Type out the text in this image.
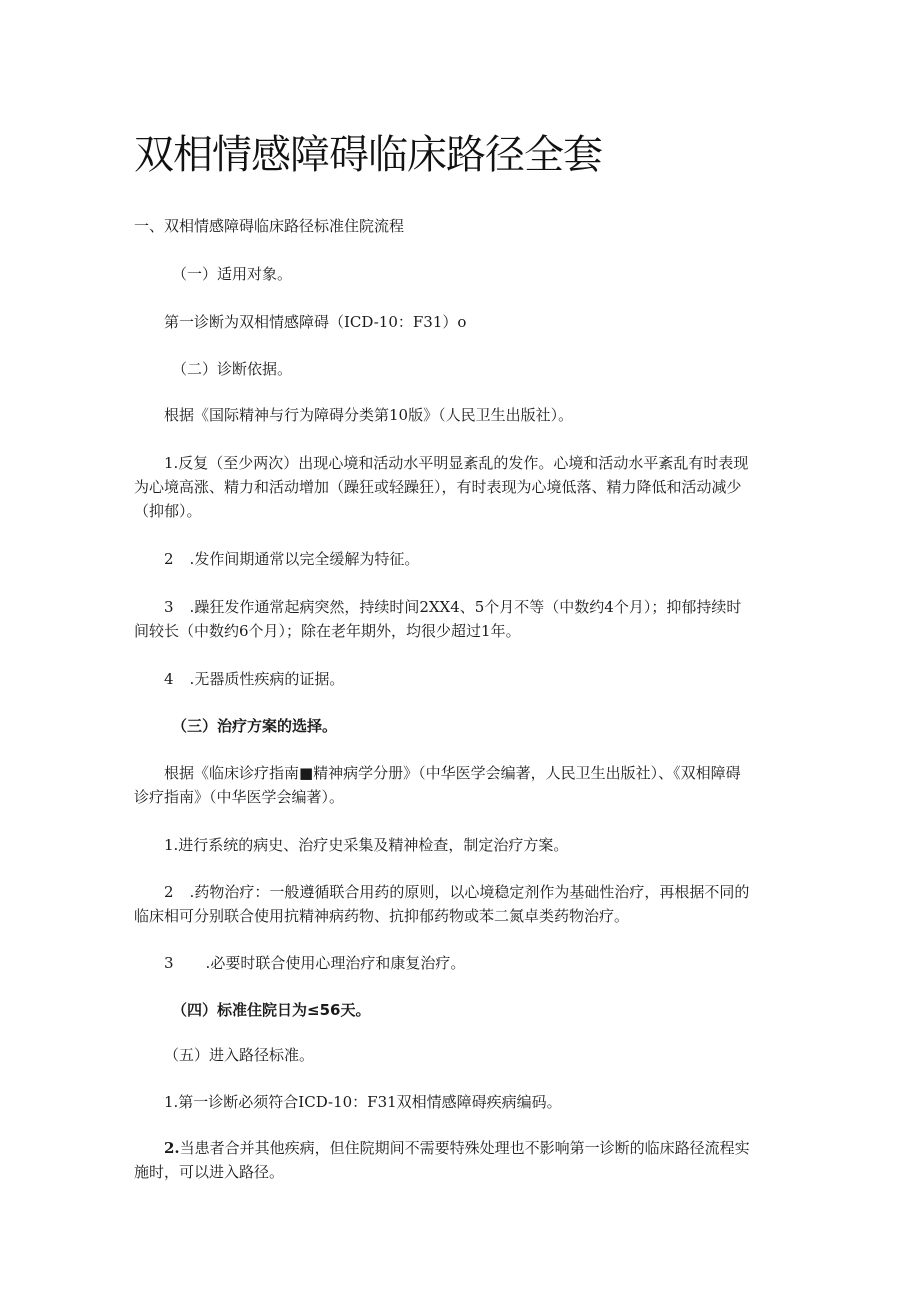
双相情感障碍临床路径全套
一、双相情感障碍临床路径标准住院流程
（一）适用对象。
第一诊断为双相情感障碍（ICD-10：F31）o
（二）诊断依据。
根据《国际精神与行为障碍分类第10版》（人民卫生出版社）。
1.反复（至少两次）出现心境和活动水平明显紊乱的发作。心境和活动水平紊乱有时表现为心境高涨、精力和活动增加（躁狂或轻躁狂），有时表现为心境低落、精力降低和活动减少（抑郁）。
2 .发作间期通常以完全缓解为特征。
3 .躁狂发作通常起病突然，持续时间2XX4、5个月不等（中数约4个月）；抑郁持续时间较长（中数约6个月）；除在老年期外，均很少超过1年。
4 .无器质性疾病的证据。
（三）治疗方案的选择。
根据《临床诊疗指南■精神病学分册》（中华医学会编著，人民卫生出版社）、《双相障碍诊疗指南》（中华医学会编著）。
1.进行系统的病史、治疗史采集及精神检查，制定治疗方案。
2 .药物治疗：一般遵循联合用药的原则，以心境稳定剂作为基础性治疗，再根据不同的临床相可分别联合使用抗精神病药物、抗抑郁药物或苯二氮卓类药物治疗。
3 .必要时联合使用心理治疗和康复治疗。
（四）标准住院日为≤56天。
（五）进入路径标准。
1.第一诊断必须符合ICD-10：F31双相情感障碍疾病编码。
2.当患者合并其他疾病，但住院期间不需要特殊处理也不影响第一诊断的临床路径流程实施时，可以进入路径。
